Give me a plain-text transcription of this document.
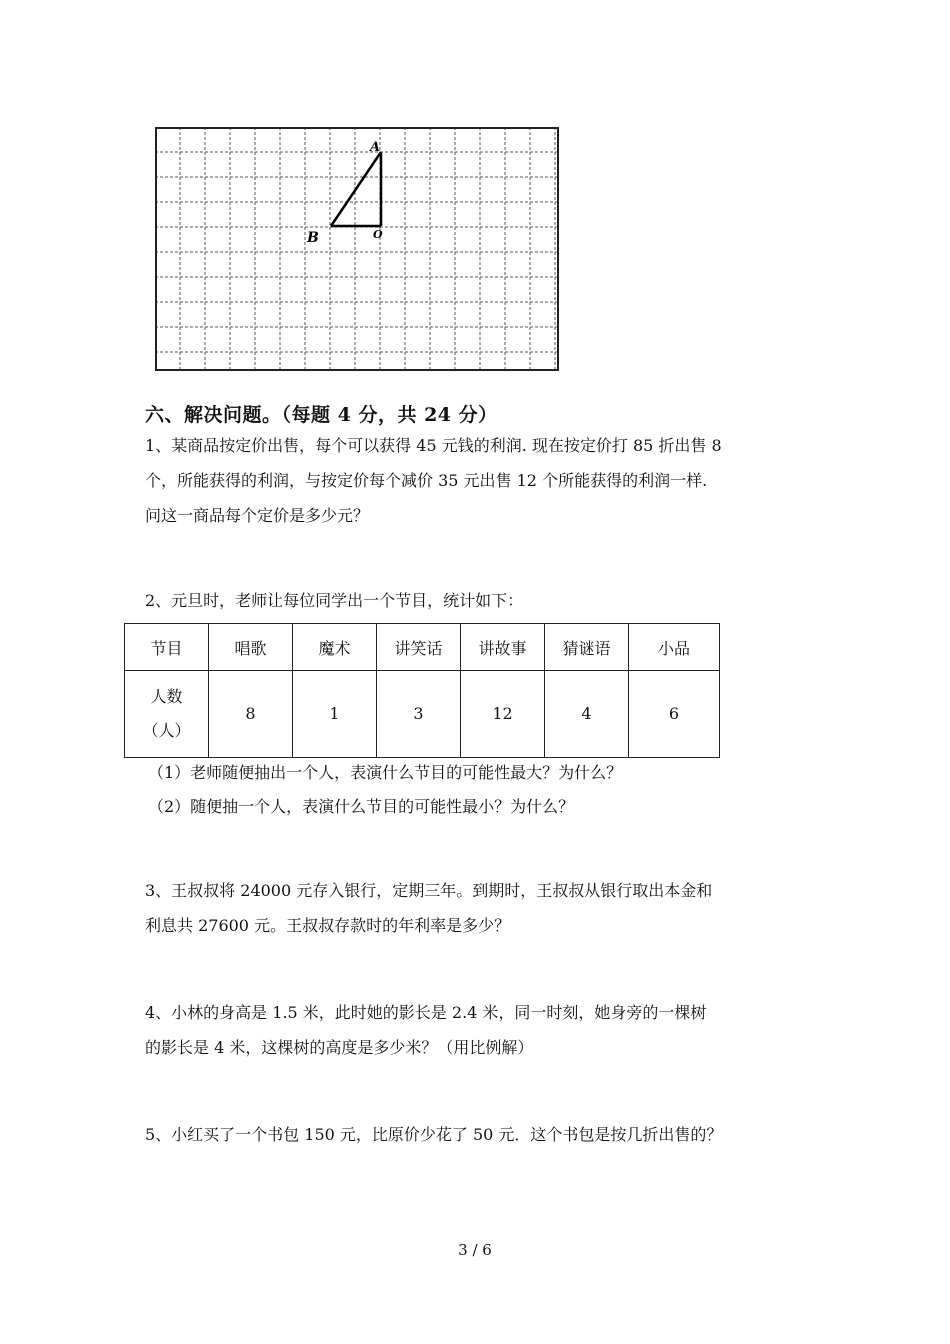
A
B	O
六、解决问题。（每题 4 分，共 24 分）
1、某商品按定价出售，每个可以获得 45 元钱的利润. 现在按定价打 85 折出售 8
个，所能获得的利润，与按定价每个减价 35 元出售 12 个所能获得的利润一样.
问这一商品每个定价是多少元？
2、元旦时，老师让每位同学出一个节目，统计如下：
节目	唱歌	魔术	讲笑话	讲故事	猜谜语	小品

人数
（人）	8	1	3	12	4	6
（1）老师随便抽出一个人，表演什么节目的可能性最大？为什么？
（2）随便抽一个人，表演什么节目的可能性最小？为什么？
3、王叔叔将 24000 元存入银行，定期三年。到期时，王叔叔从银行取出本金和
利息共 27600 元。王叔叔存款时的年利率是多少？
4、小林的身高是 1.5 米，此时她的影长是 2.4 米，同一时刻，她身旁的一棵树
的影长是 4 米，这棵树的高度是多少米？（用比例解）
5、小红买了一个书包 150 元，比原价少花了 50 元．这个书包是按几折出售的？
3 / 6
